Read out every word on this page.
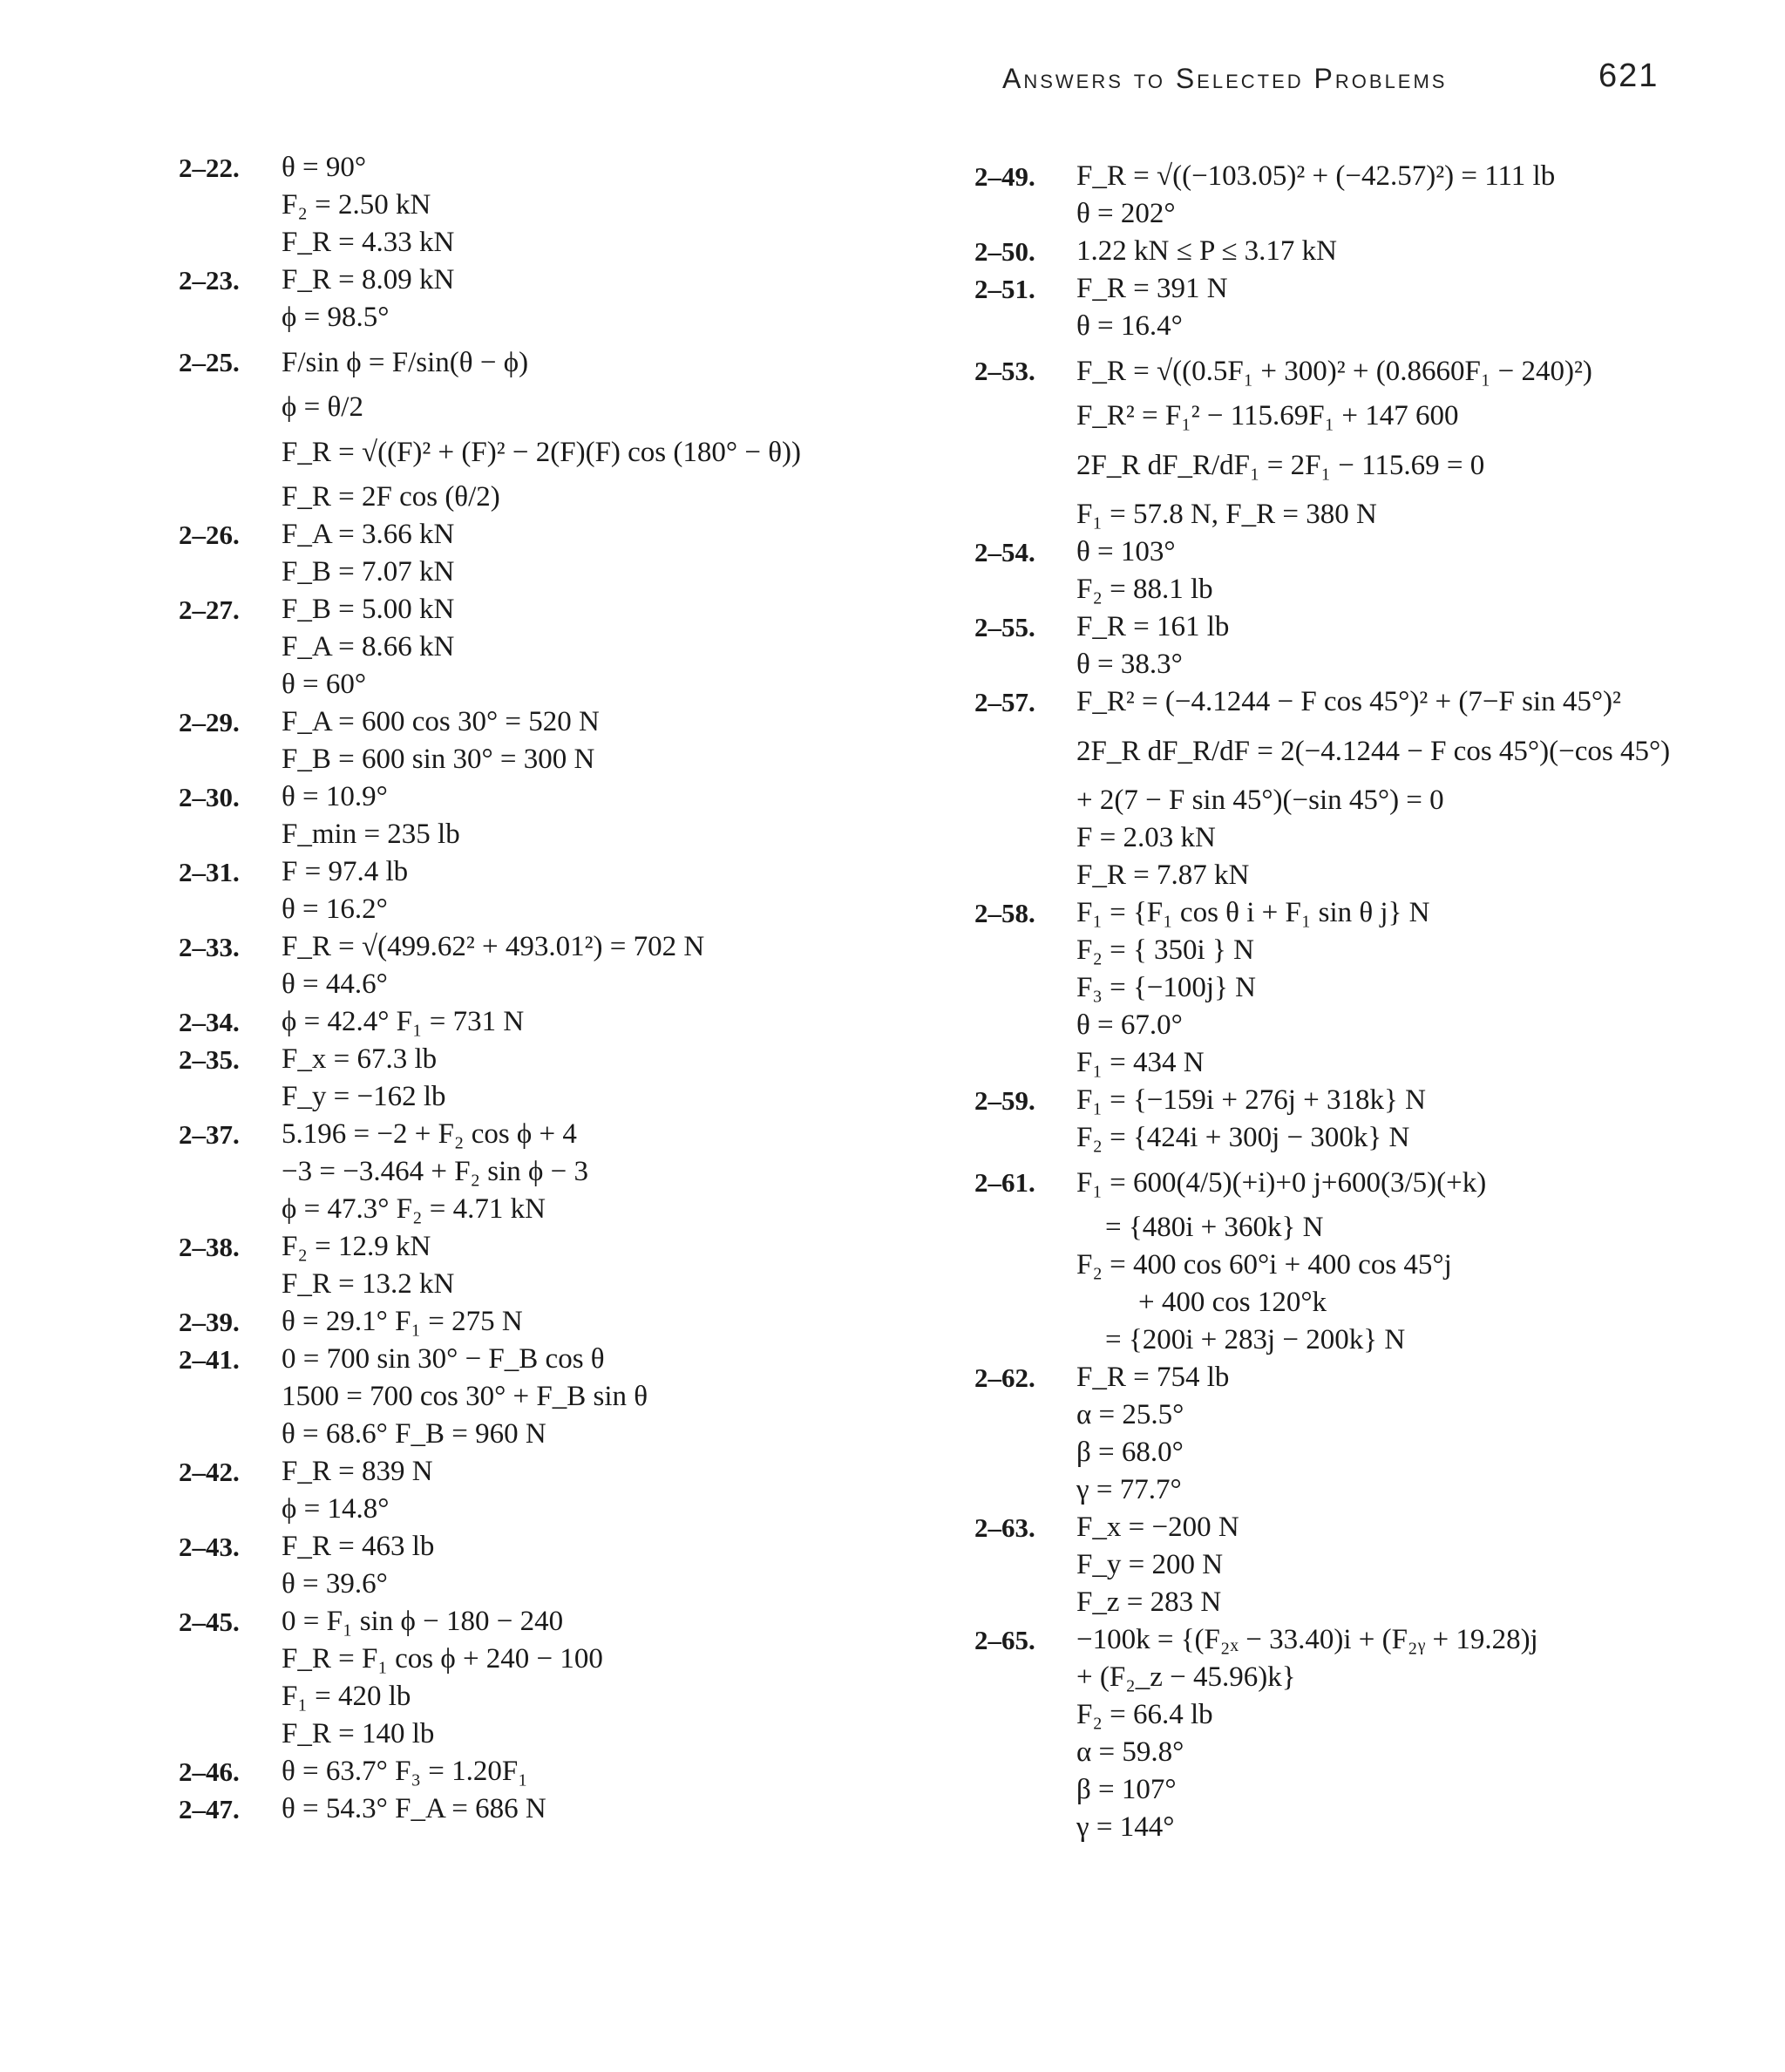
Answers to Selected Problems	621
2–22. θ = 90°
F₂ = 2.50 kN
F_R = 4.33 kN
2–23. F_R = 8.09 kN
ϕ = 98.5°
2–25. F/sin ϕ = F/sin(θ − ϕ)
ϕ = θ/2
F_R = √((F)² + (F)² − 2(F)(F) cos (180° − θ))
F_R = 2F cos (θ/2)
2–26. F_A = 3.66 kN
F_B = 7.07 kN
2–27. F_B = 5.00 kN
F_A = 8.66 kN
θ = 60°
2–29. F_A = 600 cos 30° = 520 N
F_B = 600 sin 30° = 300 N
2–30. θ = 10.9°
F_min = 235 lb
2–31. F = 97.4 lb
θ = 16.2°
2–33. F_R = √(499.62² + 493.01²) = 702 N
θ = 44.6°
2–34. ϕ = 42.4° F₁ = 731 N
2–35. F_x = 67.3 lb
F_y = −162 lb
2–37. 5.196 = −2 + F₂ cos ϕ + 4
−3 = −3.464 + F₂ sin ϕ − 3
ϕ = 47.3° F₂ = 4.71 kN
2–38. F₂ = 12.9 kN
F_R = 13.2 kN
2–39. θ = 29.1° F₁ = 275 N
2–41. 0 = 700 sin 30° − F_B cos θ
1500 = 700 cos 30° + F_B sin θ
θ = 68.6° F_B = 960 N
2–42. F_R = 839 N
ϕ = 14.8°
2–43. F_R = 463 lb
θ = 39.6°
2–45. 0 = F₁ sin ϕ − 180 − 240
F_R = F₁ cos ϕ + 240 − 100
F₁ = 420 lb
F_R = 140 lb
2–46. θ = 63.7° F₃ = 1.20F₁
2–47. θ = 54.3° F_A = 686 N
2–49. F_R = √((−103.05)² + (−42.57)²) = 111 lb
θ = 202°
2–50. 1.22 kN ≤ P ≤ 3.17 kN
2–51. F_R = 391 N
θ = 16.4°
2–53. F_R = √((0.5F₁ + 300)² + (0.8660F₁ − 240)²)
F_R² = F₁² − 115.69F₁ + 147 600
2F_R dF_R/dF₁ = 2F₁ − 115.69 = 0
F₁ = 57.8 N, F_R = 380 N
2–54. θ = 103°
F₂ = 88.1 lb
2–55. F_R = 161 lb
θ = 38.3°
2–57. F_R² = (−4.1244 − F cos 45°)² + (7−F sin 45°)²
2F_R dF_R/dF = 2(−4.1244 − F cos 45°)(−cos 45°)
+ 2(7 − F sin 45°)(−sin 45°) = 0
F = 2.03 kN
F_R = 7.87 kN
2–58. F₁ = {F₁ cos θ i + F₁ sin θ j} N
F₂ = { 350i } N
F₃ = {−100j} N
θ = 67.0°
F₁ = 434 N
2–59. F₁ = {−159i + 276j + 318k} N
F₂ = {424i + 300j − 300k} N
2–61. F₁ = 600(4/5)(+i)+0 j+600(3/5)(+k)
= {480i + 360k} N
F₂ = 400 cos 60°i + 400 cos 45°j
+ 400 cos 120°k
= {200i + 283j − 200k} N
2–62. F_R = 754 lb
α = 25.5°
β = 68.0°
γ = 77.7°
2–63. F_x = −200 N
F_y = 200 N
F_z = 283 N
2–65. −100k = {(F₂ₓ − 33.40)i + (F₂ᵧ + 19.28)j
+ (F₂_z − 45.96)k}
F₂ = 66.4 lb
α = 59.8°
β = 107°
γ = 144°
